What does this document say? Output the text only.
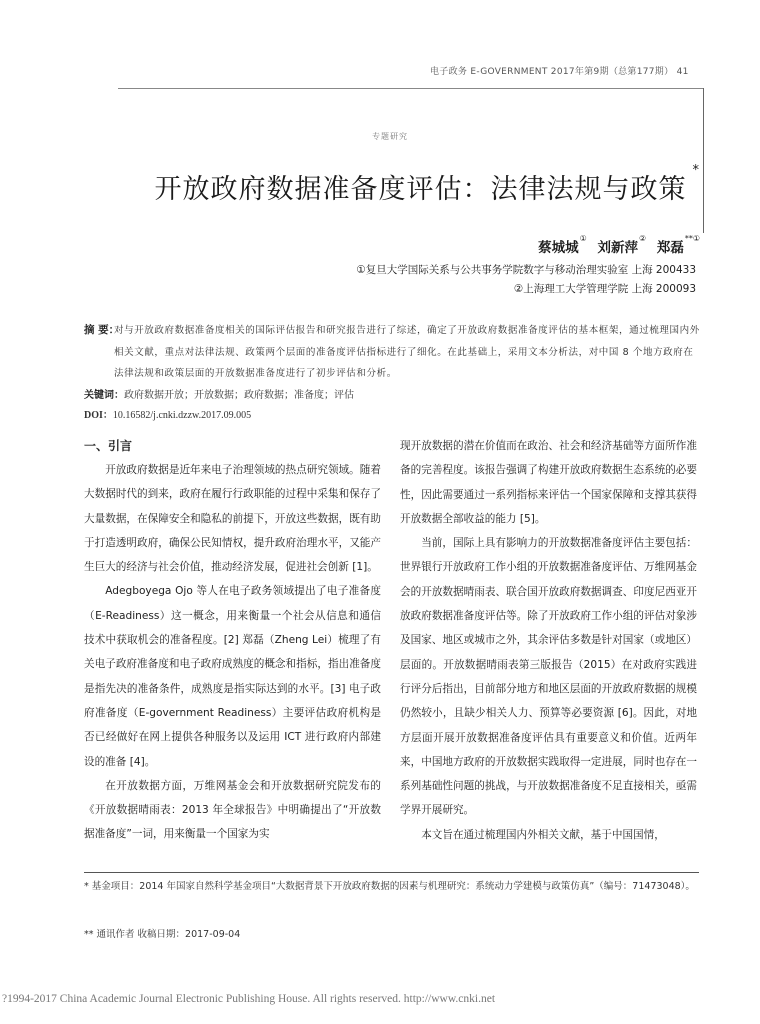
电子政务 E-GOVERNMENT 2017年第9期（总第177期） 41
专题研究
开放政府数据准备度评估：法律法规与政策*
蔡城城① 刘新萍② 郑磊**①
①复旦大学国际关系与公共事务学院数字与移动治理实验室 上海 200433
②上海理工大学管理学院 上海 200093
摘 要：
对与开放政府数据准备度相关的国际评估报告和研究报告进行了综述，确定了开放政府数据准备度评估的基本框架，通过梳理国内外相关文献，重点对法律法规、政策两个层面的准备度评估指标进行了细化。在此基础上，采用文本分析法，对中国 8 个地方政府在法律法规和政策层面的开放数据准备度进行了初步评估和分析。
关键词：政府数据开放；开放数据；政府数据；准备度；评估
DOI：10.16582/j.cnki.dzzw.2017.09.005
一、引言

开放政府数据是近年来电子治理领域的热点研究领域。随着大数据时代的到来，政府在履行行政职能的过程中采集和保存了大量数据，在保障安全和隐私的前提下，开放这些数据，既有助于打造透明政府，确保公民知情权，提升政府治理水平，又能产生巨大的经济与社会价值，推动经济发展，促进社会创新 [1]。

Adegboyega Ojo 等人在电子政务领域提出了电子准备度（E-Readiness）这一概念，用来衡量一个社会从信息和通信技术中获取机会的准备程度。[2] 郑磊（Zheng Lei）梳理了有关电子政府准备度和电子政府成熟度的概念和指标，指出准备度是指先决的准备条件，成熟度是指实际达到的水平。[3] 电子政府准备度（E-government Readiness）主要评估政府机构是否已经做好在网上提供各种服务以及运用 ICT 进行政府内部建设的准备 [4]。

在开放数据方面，万维网基金会和开放数据研究院发布的《开放数据晴雨表：2013 年全球报告》中明确提出了“开放数据准备度”一词，用来衡量一个国家为实

现开放数据的潜在价值而在政治、社会和经济基础等方面所作准备的完善程度。该报告强调了构建开放政府数据生态系统的必要性，因此需要通过一系列指标来评估一个国家保障和支撑其获得开放数据全部收益的能力 [5]。

当前，国际上具有影响力的开放数据准备度评估主要包括：世界银行开放政府工作小组的开放数据准备度评估、万维网基金会的开放数据晴雨表、联合国开放政府数据调查、印度尼西亚开放政府数据准备度评估等。除了开放政府工作小组的评估对象涉及国家、地区或城市之外，其余评估多数是针对国家（或地区）层面的。开放数据晴雨表第三版报告（2015）在对政府实践进行评分后指出，目前部分地方和地区层面的开放政府数据的规模仍然较小，且缺少相关人力、预算等必要资源 [6]。因此，对地方层面开展开放数据准备度评估具有重要意义和价值。近两年来，中国地方政府的开放数据实践取得一定进展，同时也存在一系列基础性问题的挑战，与开放数据准备度不足直接相关，亟需学界开展研究。

本文旨在通过梳理国内外相关文献，基于中国国情，

* 基金项目：2014 年国家自然科学基金项目“大数据背景下开放政府数据的因素与机理研究：系统动力学建模与政策仿真”（编号：71473048）。
** 通讯作者 收稿日期：2017-09-04
?1994-2017 China Academic Journal Electronic Publishing House. All rights reserved. http://www.cnki.net
